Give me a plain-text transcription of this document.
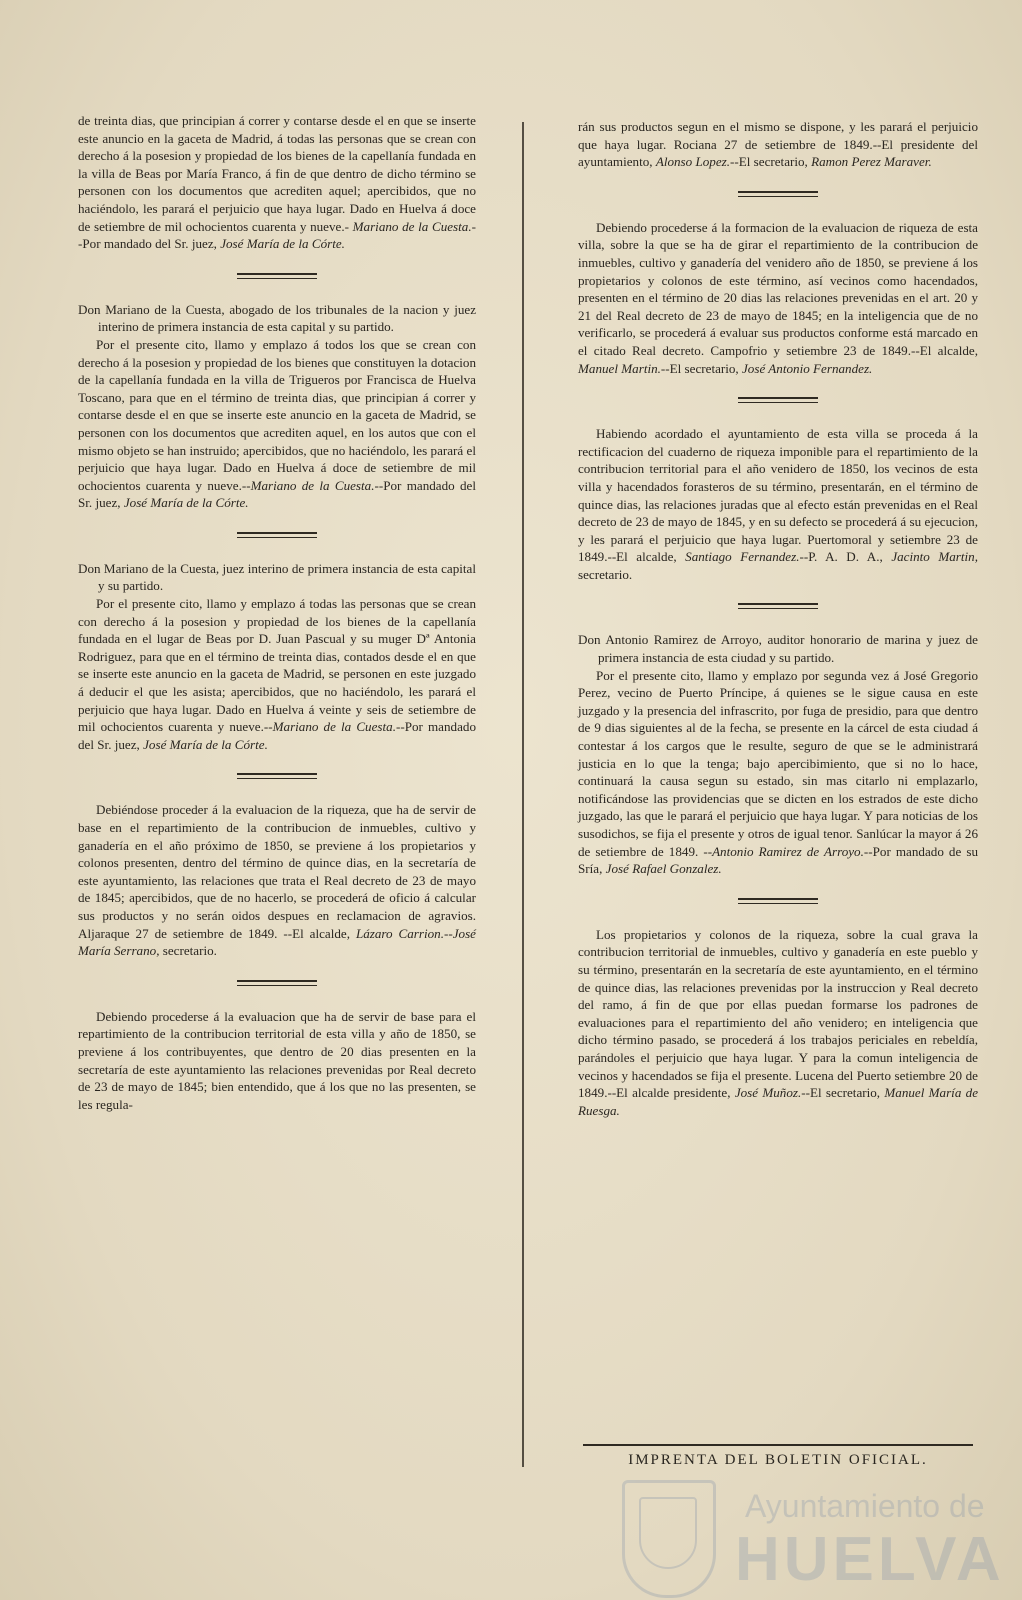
de treinta dias, que principian á correr y contarse desde el en que se inserte este anuncio en la gaceta de Madrid, á todas las personas que se crean con derecho á la posesion y propiedad de los bienes de la capellanía fundada en la villa de Beas por María Franco, á fin de que dentro de dicho término se personen con los documentos que acrediten aquel; apercibidos, que no haciéndolo, les parará el perjuicio que haya lugar. Dado en Huelva á doce de setiembre de mil ochocientos cuarenta y nueve.- Mariano de la Cuesta.--Por mandado del Sr. juez, José María de la Córte.

Don Mariano de la Cuesta, abogado de los tribunales de la nacion y juez interino de primera instancia de esta capital y su partido.

Por el presente cito, llamo y emplazo á todos los que se crean con derecho á la posesion y propiedad de los bienes que constituyen la dotacion de la capellanía fundada en la villa de Trigueros por Francisca de Huelva Toscano, para que en el término de treinta dias, que principian á correr y contarse desde el en que se inserte este anuncio en la gaceta de Madrid, se personen con los documentos que acrediten aquel, en los autos que con el mismo objeto se han instruido; apercibidos, que no haciéndolo, les parará el perjuicio que haya lugar. Dado en Huelva á doce de setiembre de mil ochocientos cuarenta y nueve.--Mariano de la Cuesta.--Por mandado del Sr. juez, José María de la Córte.

Don Mariano de la Cuesta, juez interino de primera instancia de esta capital y su partido.

Por el presente cito, llamo y emplazo á todas las personas que se crean con derecho á la posesion y propiedad de los bienes de la capellanía fundada en el lugar de Beas por D. Juan Pascual y su muger Dª Antonia Rodriguez, para que en el término de treinta dias, contados desde el en que se inserte este anuncio en la gaceta de Madrid, se personen en este juzgado á deducir el que les asista; apercibidos, que no haciéndolo, les parará el perjuicio que haya lugar. Dado en Huelva á veinte y seis de setiembre de mil ochocientos cuarenta y nueve.--Mariano de la Cuesta.--Por mandado del Sr. juez, José María de la Córte.

Debiéndose proceder á la evaluacion de la riqueza, que ha de servir de base en el repartimiento de la contribucion de inmuebles, cultivo y ganadería en el año próximo de 1850, se previene á los propietarios y colonos presenten, dentro del término de quince dias, en la secretaría de este ayuntamiento, las relaciones que trata el Real decreto de 23 de mayo de 1845; apercibidos, que de no hacerlo, se procederá de oficio á calcular sus productos y no serán oidos despues en reclamacion de agravios. Aljaraque 27 de setiembre de 1849. --El alcalde, Lázaro Carrion.--José María Serrano, secretario.

Debiendo procederse á la evaluacion que ha de servir de base para el repartimiento de la contribucion territorial de esta villa y año de 1850, se previene á los contribuyentes, que dentro de 20 dias presenten en la secretaría de este ayuntamiento las relaciones prevenidas por Real decreto de 23 de mayo de 1845; bien entendido, que á los que no las presenten, se les regula-

rán sus productos segun en el mismo se dispone, y les parará el perjuicio que haya lugar. Rociana 27 de setiembre de 1849.--El presidente del ayuntamiento, Alonso Lopez.--El secretario, Ramon Perez Maraver.

Debiendo procederse á la formacion de la evaluacion de riqueza de esta villa, sobre la que se ha de girar el repartimiento de la contribucion de inmuebles, cultivo y ganadería del venidero año de 1850, se previene á los propietarios y colonos de este término, así vecinos como hacendados, presenten en el término de 20 dias las relaciones prevenidas en el art. 20 y 21 del Real decreto de 23 de mayo de 1845; en la inteligencia que de no verificarlo, se procederá á evaluar sus productos conforme está marcado en el citado Real decreto. Campofrio y setiembre 23 de 1849.--El alcalde, Manuel Martin.--El secretario, José Antonio Fernandez.

Habiendo acordado el ayuntamiento de esta villa se proceda á la rectificacion del cuaderno de riqueza imponible para el repartimiento de la contribucion territorial para el año venidero de 1850, los vecinos de esta villa y hacendados forasteros de su término, presentarán, en el término de quince dias, las relaciones juradas que al efecto están prevenidas en el Real decreto de 23 de mayo de 1845, y en su defecto se procederá á su ejecucion, y les parará el perjuicio que haya lugar. Puertomoral y setiembre 23 de 1849.--El alcalde, Santiago Fernandez.--P. A. D. A., Jacinto Martin, secretario.

Don Antonio Ramirez de Arroyo, auditor honorario de marina y juez de primera instancia de esta ciudad y su partido.

Por el presente cito, llamo y emplazo por segunda vez á José Gregorio Perez, vecino de Puerto Príncipe, á quienes se le sigue causa en este juzgado y la presencia del infrascrito, por fuga de presidio, para que dentro de 9 dias siguientes al de la fecha, se presente en la cárcel de esta ciudad á contestar á los cargos que le resulte, seguro de que se le administrará justicia en lo que la tenga; bajo apercibimiento, que si no lo hace, continuará la causa segun su estado, sin mas citarlo ni emplazarlo, notificándose las providencias que se dicten en los estrados de este dicho juzgado, las que le parará el perjuicio que haya lugar. Y para noticias de los susodichos, se fija el presente y otros de igual tenor. Sanlúcar la mayor á 26 de setiembre de 1849. --Antonio Ramirez de Arroyo.--Por mandado de su Sría, José Rafael Gonzalez.

Los propietarios y colonos de la riqueza, sobre la cual grava la contribucion territorial de inmuebles, cultivo y ganadería en este pueblo y su término, presentarán en la secretaría de este ayuntamiento, en el término de quince dias, las relaciones prevenidas por la instruccion y Real decreto del ramo, á fin de que por ellas puedan formarse los padrones de evaluaciones para el repartimiento del año venidero; en inteligencia que dicho término pasado, se procederá á los trabajos periciales en rebeldía, parándoles el perjuicio que haya lugar. Y para la comun inteligencia de vecinos y hacendados se fija el presente. Lucena del Puerto setiembre 20 de 1849.--El alcalde presidente, José Muñoz.--El secretario, Manuel María de Ruesga.

IMPRENTA DEL BOLETIN OFICIAL.
Ayuntamiento de
HUELVA
